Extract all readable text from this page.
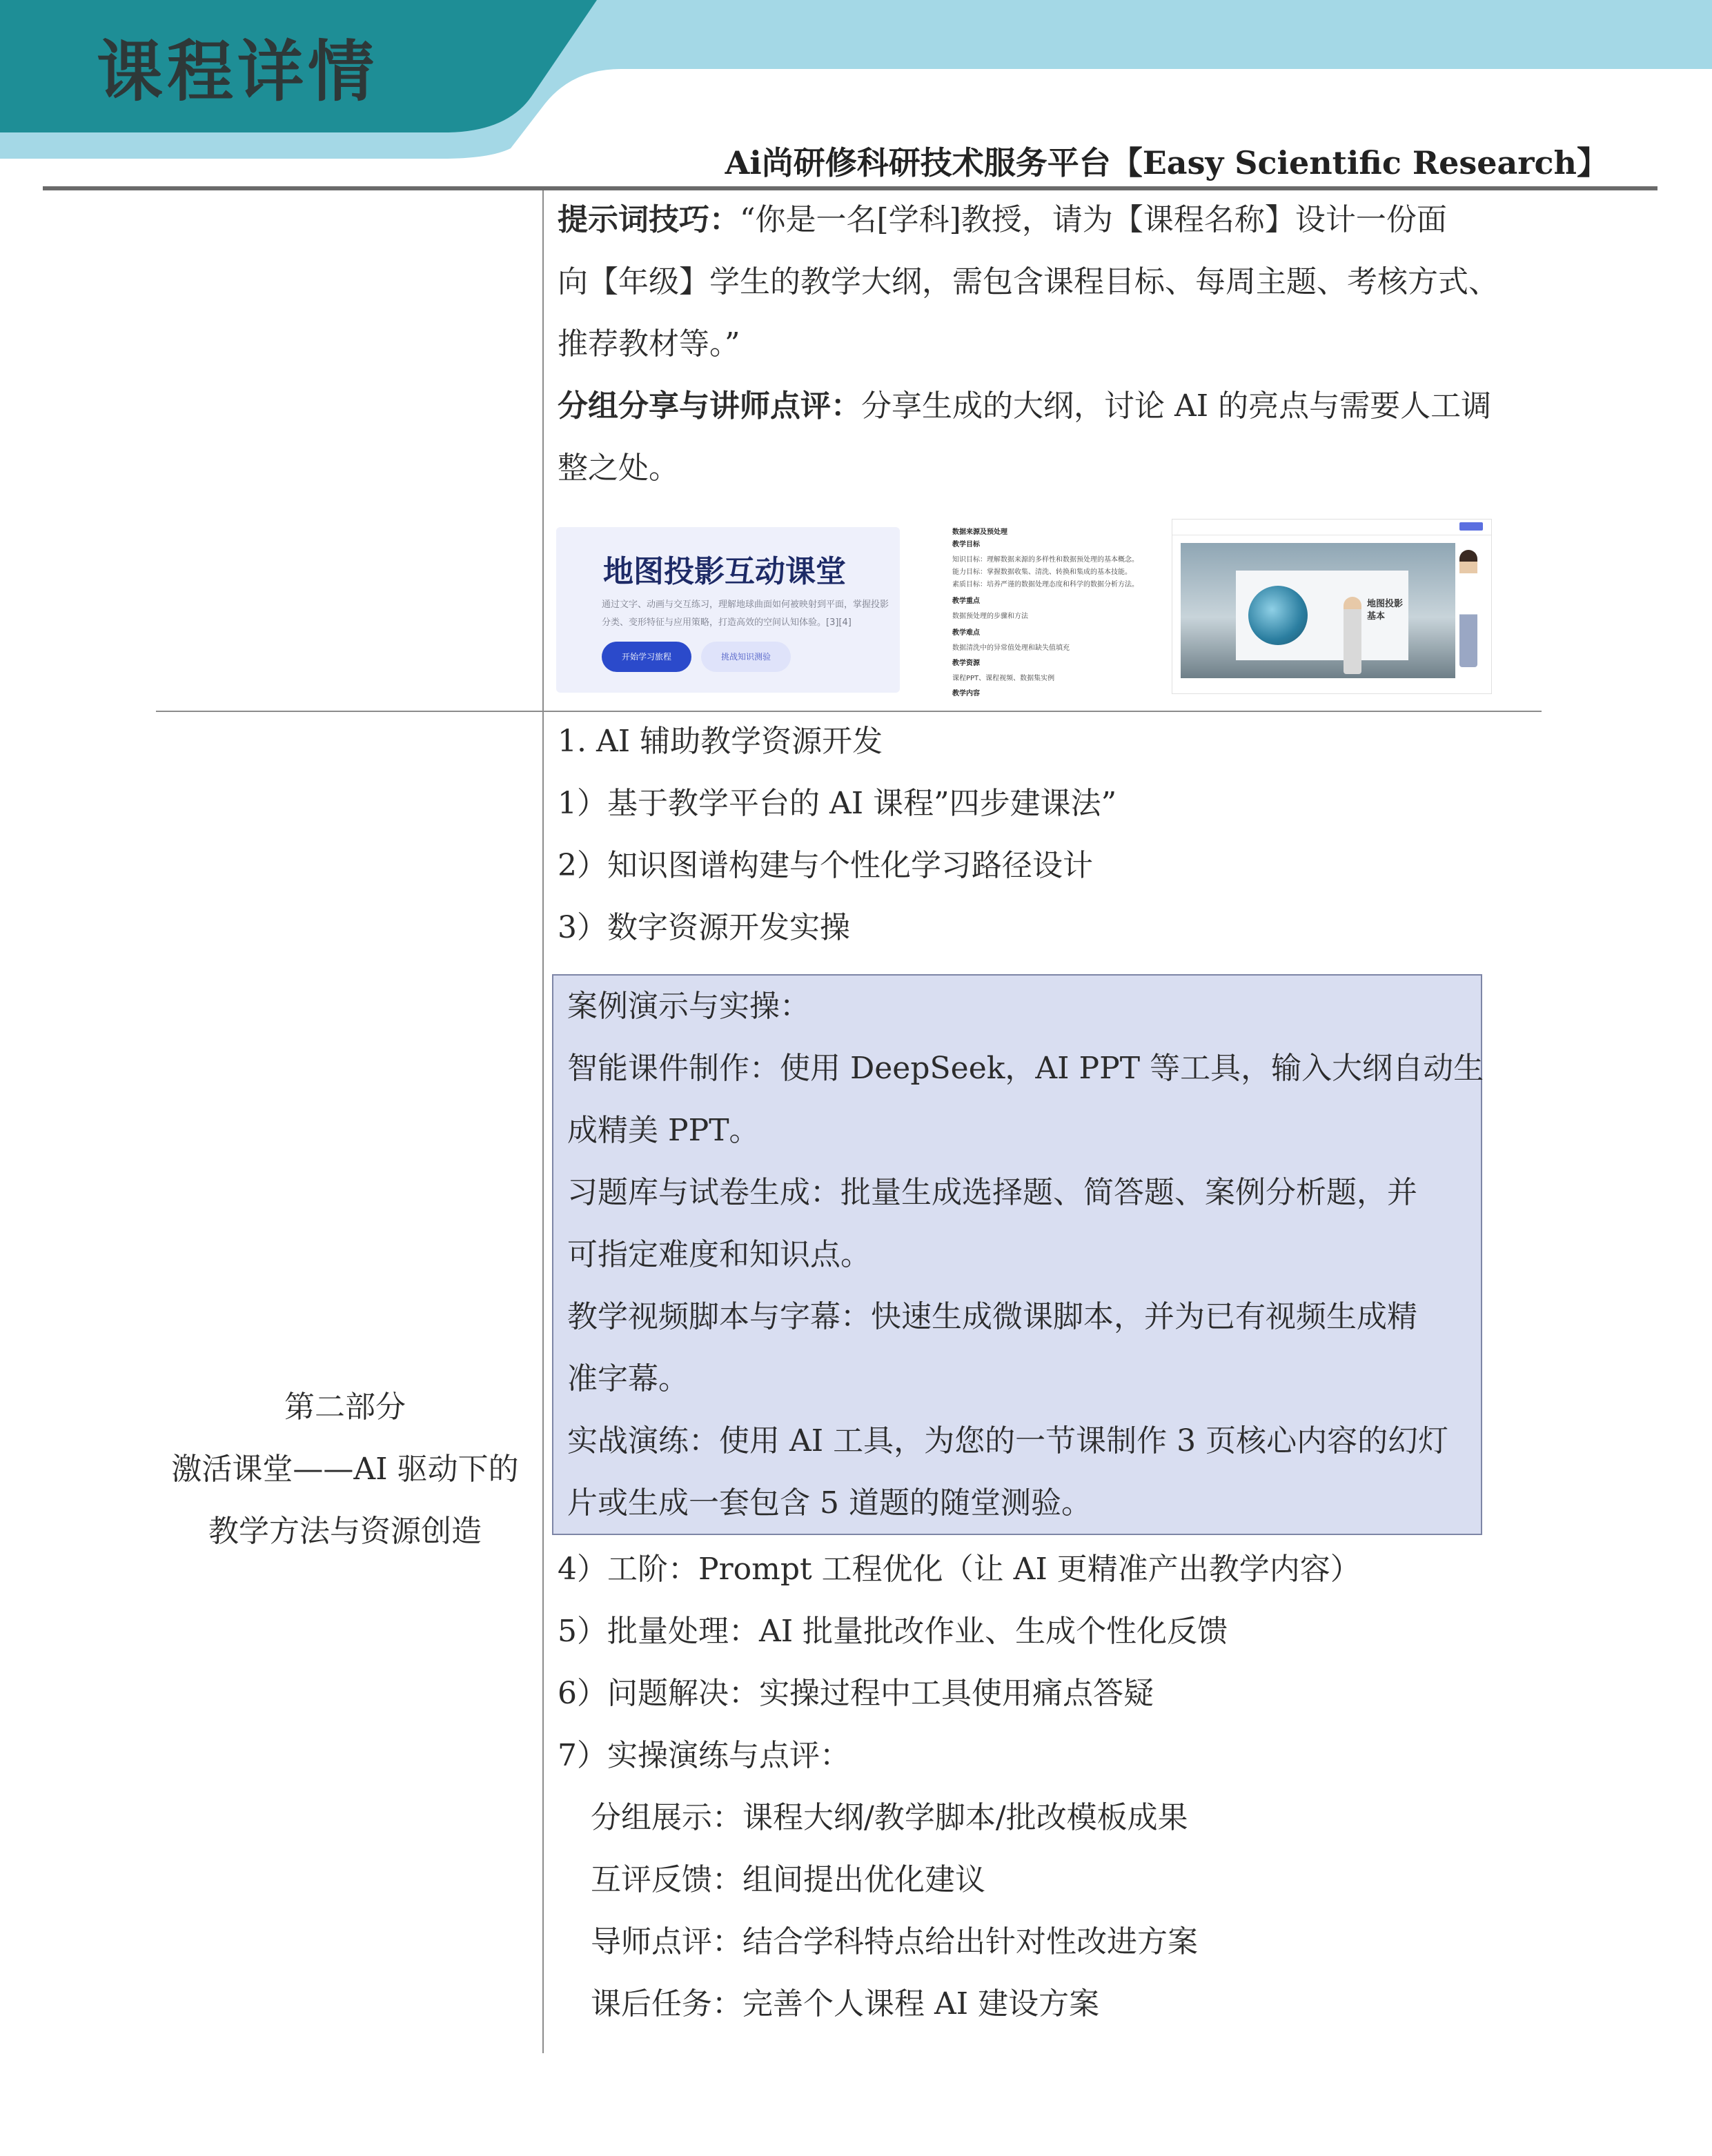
课程详情
Ai尚研修科研技术服务平台【Easy Scientific Research】
提示词技巧：“你是一名[学科]教授，请为【课程名称】设计一份面
向【年级】学生的教学大纲，需包含课程目标、每周主题、考核方式、
推荐教材等。”
分组分享与讲师点评：分享生成的大纲，讨论 AI 的亮点与需要人工调
整之处。
地图投影互动课堂
通过文字、动画与交互练习，理解地球曲面如何被映射到平面，掌握投影分类、变形特征与应用策略，打造高效的空间认知体验。[3][4]
开始学习旅程	挑战知识测验
数据来源及预处理
教学目标
知识目标：理解数据来源的多样性和数据预处理的基本概念。
能力目标：掌握数据收集、清洗、转换和集成的基本技能。
素质目标：培养严谨的数据处理态度和科学的数据分析方法。
教学重点
数据预处理的步骤和方法
教学难点
数据清洗中的异常值处理和缺失值填充
教学资源
课程PPT、课程视频、数据集实例
教学内容
地图投影
基本
第二部分
激活课堂——AI 驱动下的
教学方法与资源创造
1. AI 辅助教学资源开发
1）基于教学平台的 AI 课程”四步建课法”
2）知识图谱构建与个性化学习路径设计
3）数字资源开发实操
案例演示与实操：
智能课件制作：使用 DeepSeek，AI PPT 等工具，输入大纲自动生
成精美 PPT。
习题库与试卷生成：批量生成选择题、简答题、案例分析题，并
可指定难度和知识点。
教学视频脚本与字幕：快速生成微课脚本，并为已有视频生成精
准字幕。
实战演练：使用 AI 工具，为您的一节课制作 3 页核心内容的幻灯
片或生成一套包含 5 道题的随堂测验。
4）工阶：Prompt 工程优化（让 AI 更精准产出教学内容）
5）批量处理：AI 批量批改作业、生成个性化反馈
6）问题解决：实操过程中工具使用痛点答疑
7）实操演练与点评：
分组展示：课程大纲/教学脚本/批改模板成果
互评反馈：组间提出优化建议
导师点评：结合学科特点给出针对性改进方案
课后任务：完善个人课程 AI 建设方案
